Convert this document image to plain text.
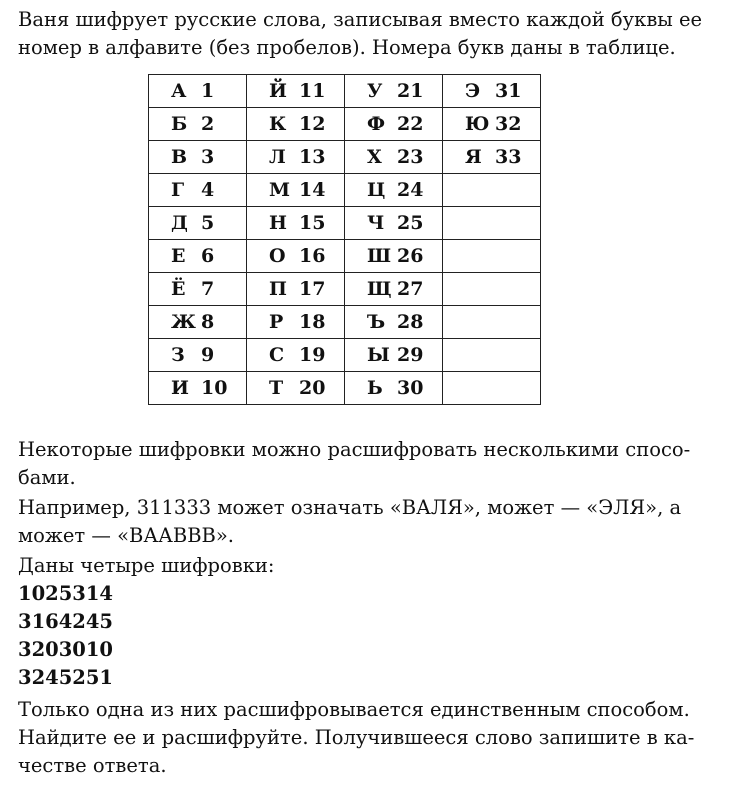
Ваня шифрует русские слова, записывая вместо каждой буквы ее
номер в алфавите (без пробелов). Номера букв даны в таблице.
А 1	Й 11	У 21	Э 31

Б 2	К 12	Ф 22	Ю 32

В 3	Л 13	Х 23	Я 33

Г 4	М 14	Ц 24	

Д 5	Н 15	Ч 25	

Е 6	О 16	Ш 26	

Ё 7	П 17	Щ 27	

Ж 8	Р 18	Ъ 28	

З 9	С 19	Ы 29	

И 10	Т 20	Ь 30	

Некоторые шифровки можно расшифровать несколькими спосо-
бами.
Например, 311333 может означать «ВАЛЯ», может — «ЭЛЯ», а
может — «ВААВВВ».
Даны четыре шифровки:
1025314
3164245
3203010
3245251
Только одна из них расшифровывается единственным способом.
Найдите ее и расшифруйте. Получившееся слово запишите в ка-
честве ответа.
